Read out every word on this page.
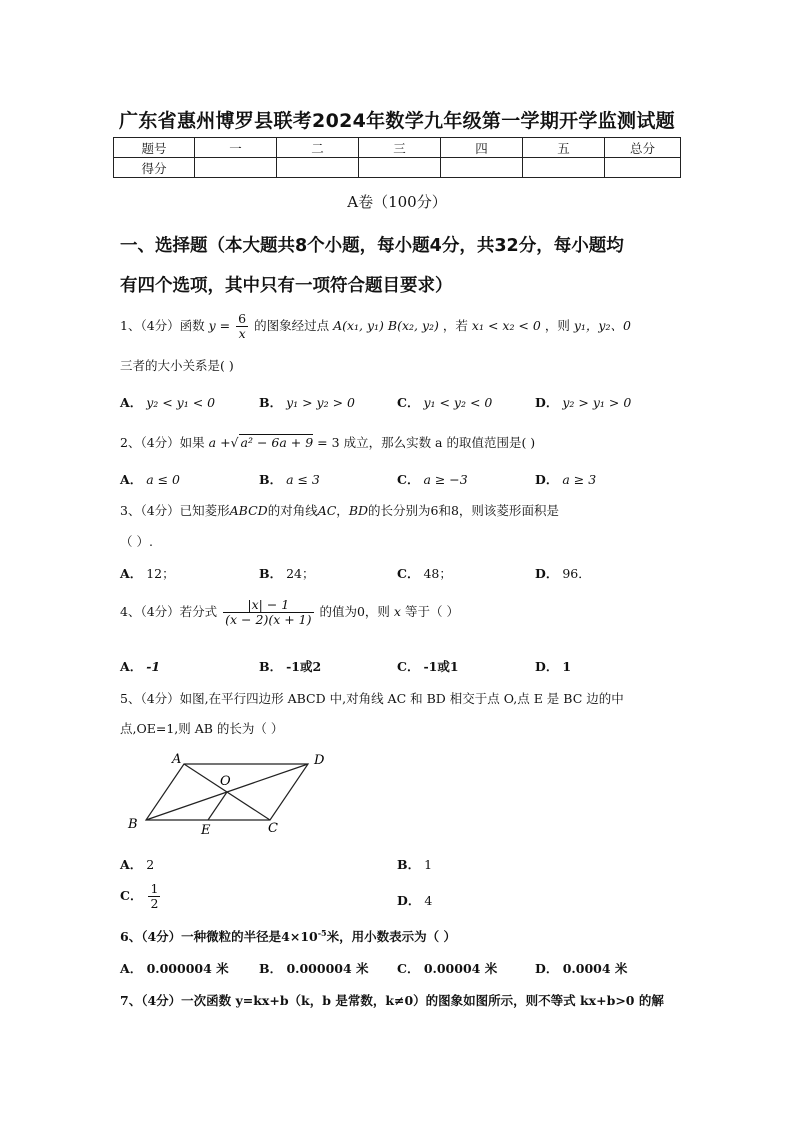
广东省惠州博罗县联考2024年数学九年级第一学期开学监测试题
题号	一	二	三	四	五	总分
得分						
A卷（100分）
一、选择题（本大题共8个小题，每小题4分，共32分，每小题均
有四个选项，其中只有一项符合题目要求）
1、（4分）函数 $y = \frac{6}{x}$ 的图象经过点 A(x₁, y₁) B(x₂, y₂) ，若 x₁ < x₂ < 0 ，则 y₁，y₂、0
三者的大小关系是( )
A． y₂ < y₁ < 0	B． y₁ > y₂ > 0	C． y₁ < y₂ < 0	D． y₂ > y₁ > 0
2、（4分）如果 a +√ a² − 6a + 9 = 3 成立，那么实数 a 的取值范围是( )
A． a ≤ 0	B． a ≤ 3	C． a ≥ −3	D． a ≥ 3
3、（4分）已知菱形ABCD的对角线AC，BD的长分别为6和8，则该菱形面积是
（ ）.
A． 12；	B． 24；	C． 48；	D． 96．
4、（4分）若分式 $\frac{|x| - 1}{(x - 2)(x + 1)}$ 的值为0，则 x 等于（ ）
A． -1	B． -1或2	C． -1或1	D． 1
5、（4分）如图,在平行四边形 ABCD 中,对角线 AC 和 BD 相交于点 O,点 E 是 BC 边的中
点,OE=1,则 AB 的长为（ ）
A	D
O
B	E	C
A． 2	B． 1
C． $\frac{1}{2}$	D． 4
6、（4分）一种微粒的半径是$4\times 10^{-5}$米，用小数表示为（ ）
A． 0.000004 米 B． 0.000004 米 C． 0.00004 米	D． 0.0004 米
7、（4分）一次函数 y=kx+b（k，b 是常数，k≠0）的图象如图所示，则不等式 kx+b>0 的解
